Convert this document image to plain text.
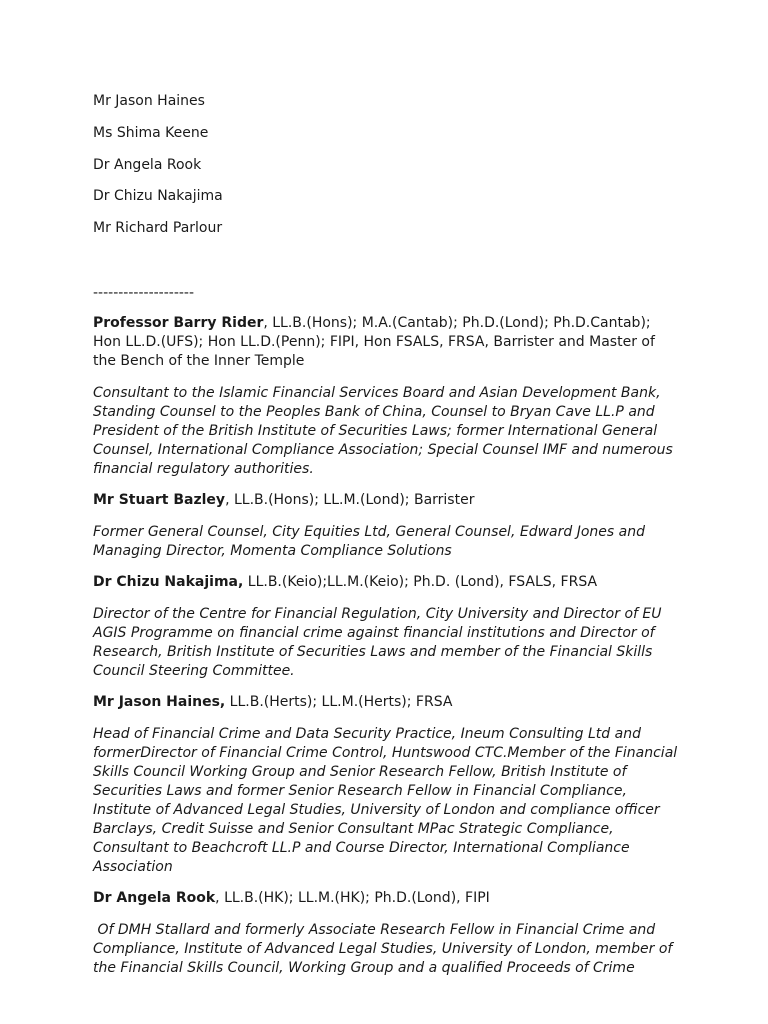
Mr Jason Haines
Ms Shima Keene
Dr Angela Rook
Dr Chizu Nakajima
Mr Richard Parlour
--------------------

Professor Barry Rider, LL.B.(Hons); M.A.(Cantab); Ph.D.(Lond); Ph.D.Cantab);
Hon LL.D.(UFS); Hon LL.D.(Penn); FIPI, Hon FSALS, FRSA, Barrister and Master of
the Bench of the Inner Temple

Consultant to the Islamic Financial Services Board and Asian Development Bank,
Standing Counsel to the Peoples Bank of China, Counsel to Bryan Cave LL.P and
President of the British Institute of Securities Laws; former International General
Counsel, International Compliance Association; Special Counsel IMF and numerous
financial regulatory authorities.

Mr Stuart Bazley, LL.B.(Hons); LL.M.(Lond); Barrister

Former General Counsel, City Equities Ltd, General Counsel, Edward Jones and
Managing Director, Momenta Compliance Solutions

Dr Chizu Nakajima, LL.B.(Keio);LL.M.(Keio); Ph.D. (Lond), FSALS, FRSA

Director of the Centre for Financial Regulation, City University and Director of EU
AGIS Programme on financial crime against financial institutions and Director of
Research, British Institute of Securities Laws and member of the Financial Skills
Council Steering Committee.

Mr Jason Haines, LL.B.(Herts); LL.M.(Herts); FRSA

Head of Financial Crime and Data Security Practice, Ineum Consulting Ltd and
formerDirector of Financial Crime Control, Huntswood CTC.Member of the Financial
Skills Council Working Group and Senior Research Fellow, British Institute of
Securities Laws and former Senior Research Fellow in Financial Compliance,
Institute of Advanced Legal Studies, University of London and compliance officer
Barclays, Credit Suisse and Senior Consultant MPac Strategic Compliance,
Consultant to Beachcroft LL.P and Course Director, International Compliance
Association

Dr Angela Rook, LL.B.(HK); LL.M.(HK); Ph.D.(Lond), FIPI

Of DMH Stallard and formerly Associate Research Fellow in Financial Crime and
Compliance, Institute of Advanced Legal Studies, University of London, member of
the Financial Skills Council, Working Group and a qualified Proceeds of Crime
